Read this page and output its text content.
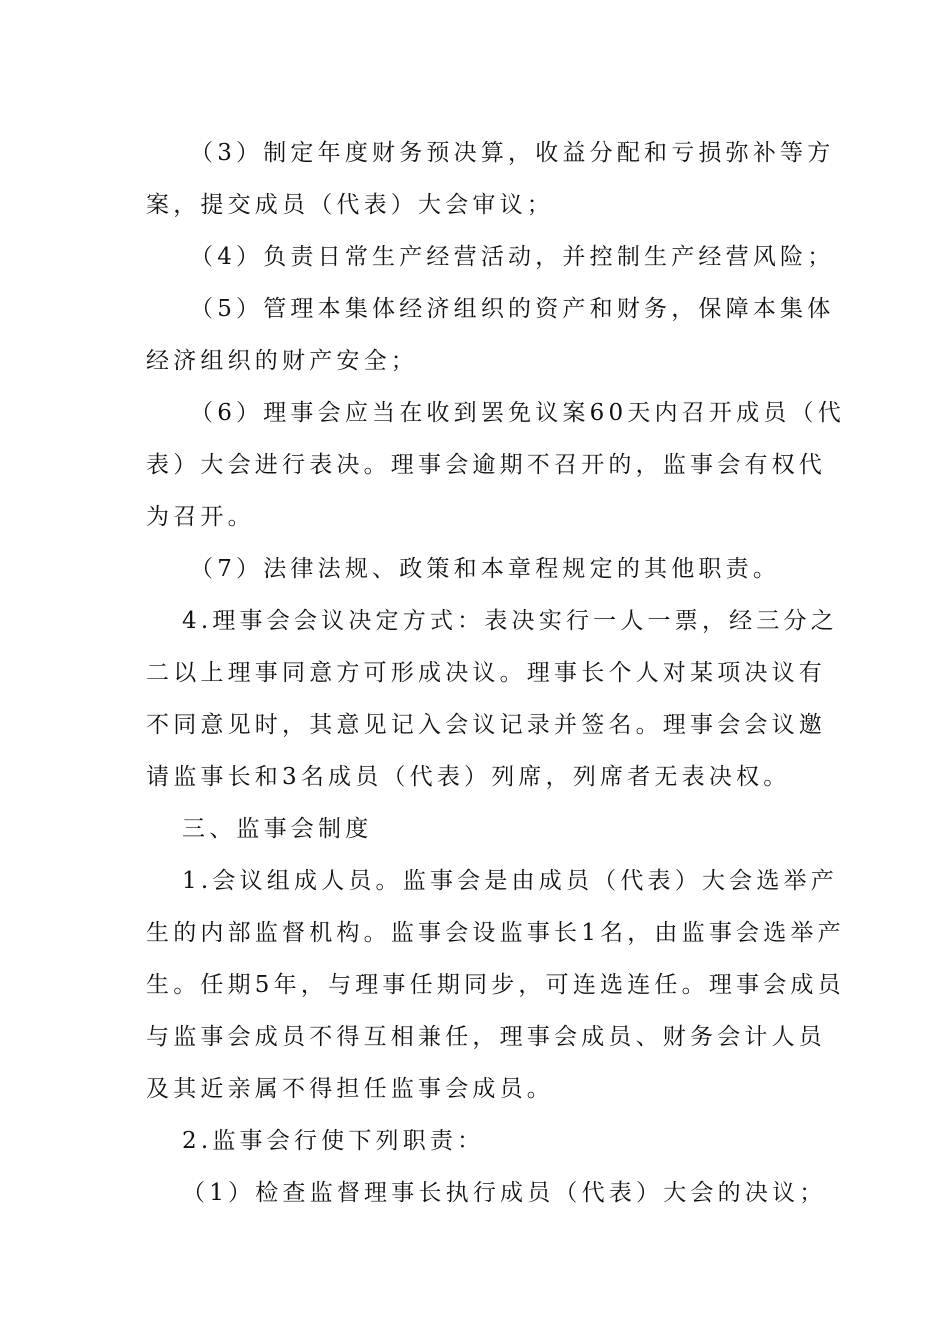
（3）制定年度财务预决算，收益分配和亏损弥补等方
案，提交成员（代表）大会审议；
（4）负责日常生产经营活动，并控制生产经营风险；
（5）管理本集体经济组织的资产和财务，保障本集体
经济组织的财产安全；
（6）理事会应当在收到罢免议案60天内召开成员（代
表）大会进行表决。理事会逾期不召开的，监事会有权代
为召开。
（7）法律法规、政策和本章程规定的其他职责。
4.理事会会议决定方式：表决实行一人一票，经三分之
二以上理事同意方可形成决议。理事长个人对某项决议有
不同意见时，其意见记入会议记录并签名。理事会会议邀
请监事长和3名成员（代表）列席，列席者无表决权。
三、监事会制度
1.会议组成人员。监事会是由成员（代表）大会选举产
生的内部监督机构。监事会设监事长1名，由监事会选举产
生。任期5年，与理事任期同步，可连选连任。理事会成员
与监事会成员不得互相兼任，理事会成员、财务会计人员
及其近亲属不得担任监事会成员。
2.监事会行使下列职责：
（1）检查监督理事长执行成员（代表）大会的决议；
